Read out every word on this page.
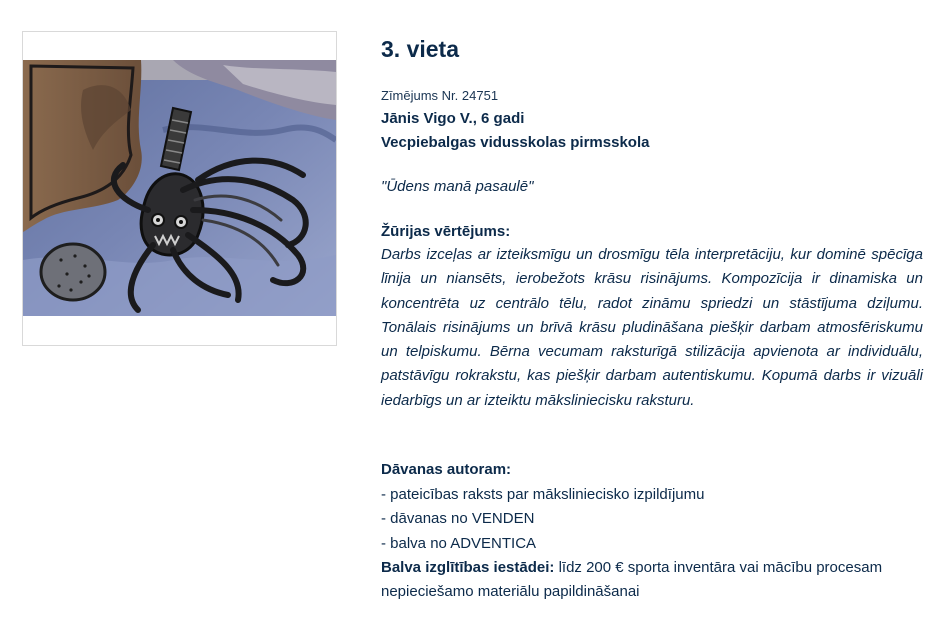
3. vieta
Zīmējums Nr. 24751
Jānis Vigo V., 6 gadi
Vecpiebalgas vidusskolas pirmsskola
"Ūdens manā pasaulē"
Žūrijas vērtējums:

Darbs izceļas ar izteiksmīgu un drosmīgu tēla interpretāciju, kur dominē spēcīga līnija un niansēts, ierobežots krāsu risinājums. Kompozīcija ir dinamiska un koncentrēta uz centrālo tēlu, radot zināmu spriedzi un stāstījuma dziļumu. Tonālais risinājums un brīvā krāsu pludināšana piešķir darbam atmosfēriskumu un telpiskumu. Bērna vecumam raksturīgā stilizācija apvienota ar individuālu, patstāvīgu rokrakstu, kas piešķir darbam autentiskumu. Kopumā darbs ir vizuāli iedarbīgs un ar izteiktu māksliniecisku raksturu.

Dāvanas autoram:
- pateicības raksts par māksliniecisko izpildījumu
- dāvanas no VENDEN
- balva no ADVENTICA

Balva izglītības iestādei: līdz 200 € sporta inventāra vai mācību procesam nepieciešamo materiālu papildināšanai
